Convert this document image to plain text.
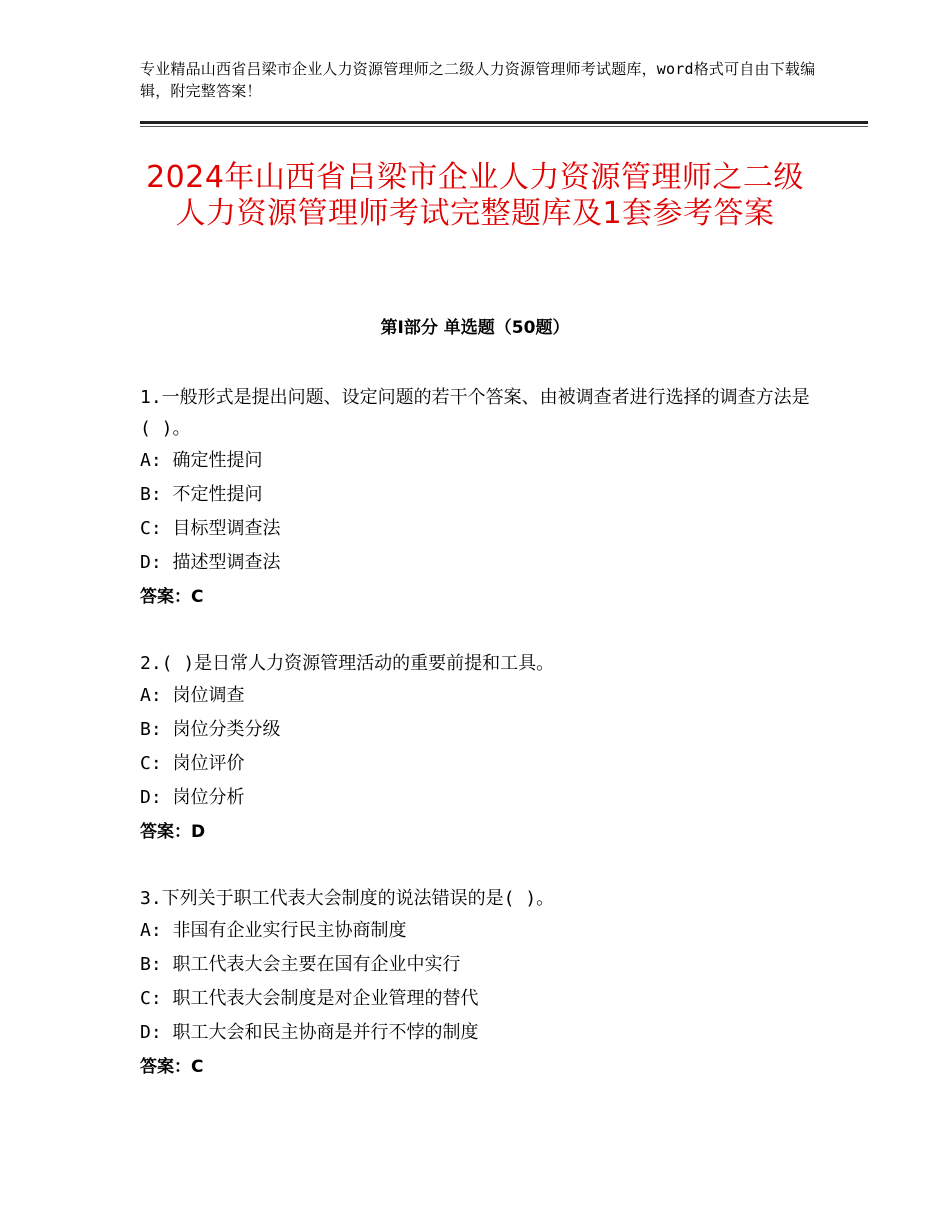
专业精品山西省吕梁市企业人力资源管理师之二级人力资源管理师考试题库，word格式可自由下载编辑，附完整答案！
2024年山西省吕梁市企业人力资源管理师之二级人力资源管理师考试完整题库及1套参考答案
第Ⅰ部分 单选题（50题）

1.一般形式是提出问题、设定问题的若干个答案、由被调查者进行选择的调查方法是( )。

A: 确定性提问

B: 不定性提问

C: 目标型调查法

D: 描述型调查法

答案：C

2.( )是日常人力资源管理活动的重要前提和工具。

A: 岗位调查

B: 岗位分类分级

C: 岗位评价

D: 岗位分析

答案：D

3.下列关于职工代表大会制度的说法错误的是( )。

A: 非国有企业实行民主协商制度

B: 职工代表大会主要在国有企业中实行

C: 职工代表大会制度是对企业管理的替代

D: 职工大会和民主协商是并行不悖的制度

答案：C
